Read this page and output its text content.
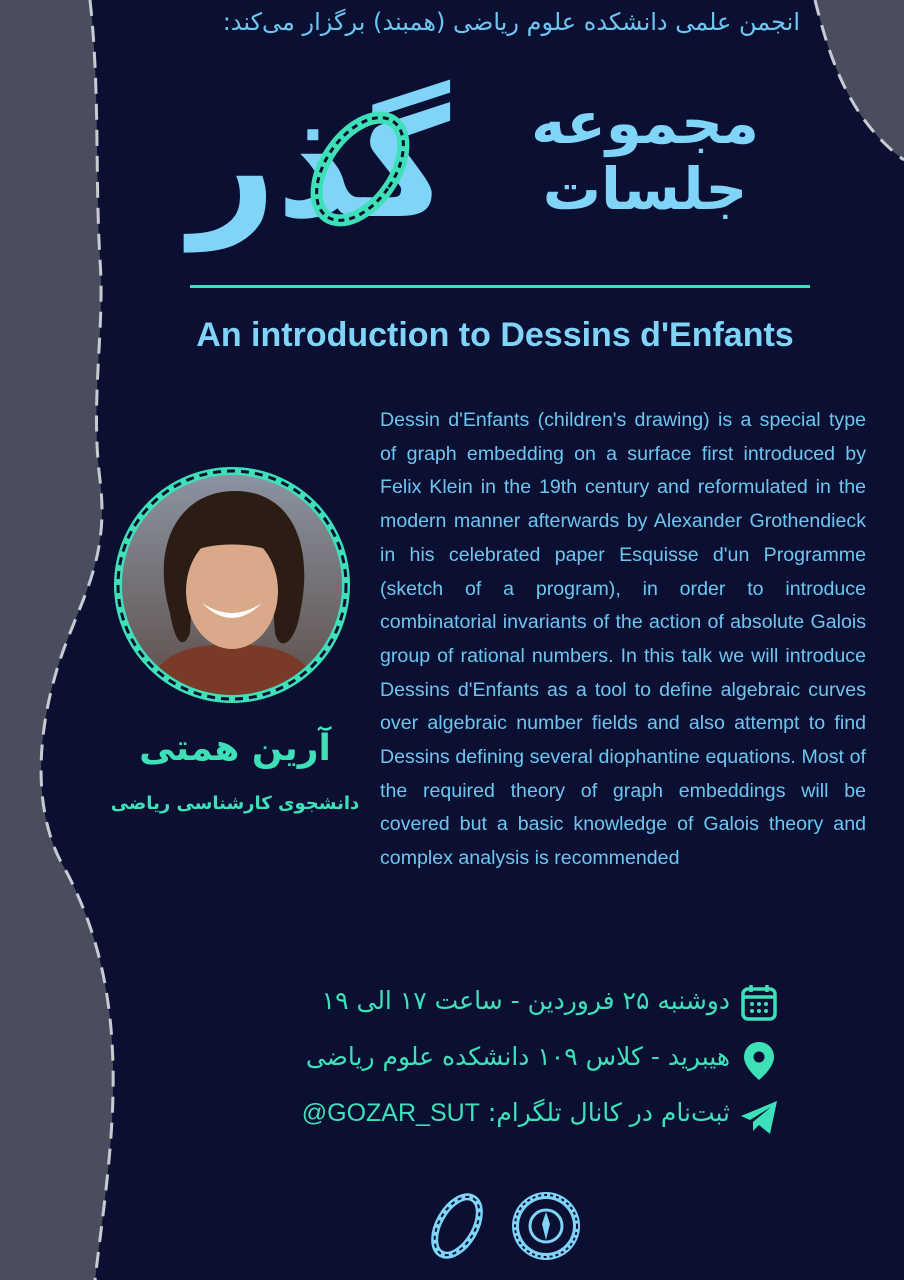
انجمن علمی دانشکده علوم ریاضی (همبند) برگزار می‌کند:
مجموعه
جلسات
گذر
An introduction to Dessins d'Enfants
Dessin d'Enfants (children's drawing) is a special type of graph embedding on a surface first introduced by Felix Klein in the 19th century and reformulated in the modern manner afterwards by Alexander Grothendieck in his celebrated paper Esquisse d'un Programme (sketch of a program), in order to introduce combinatorial invariants of the action of absolute Galois group of rational numbers. In this talk we will introduce Dessins d'Enfants as a tool to define algebraic curves over algebraic number fields and also attempt to find Dessins defining several diophantine equations. Most of the required theory of graph embeddings will be covered but a basic knowledge of Galois theory and complex analysis is recommended
آرین همتی
دانشجوی کارشناسی ریاضی
دوشنبه ۲۵ فروردین - ساعت ۱۷ الی ۱۹
هیبرید - کلاس ۱۰۹ دانشکده علوم ریاضی
ثبت‌نام در کانال تلگرام: @GOZAR_SUT
